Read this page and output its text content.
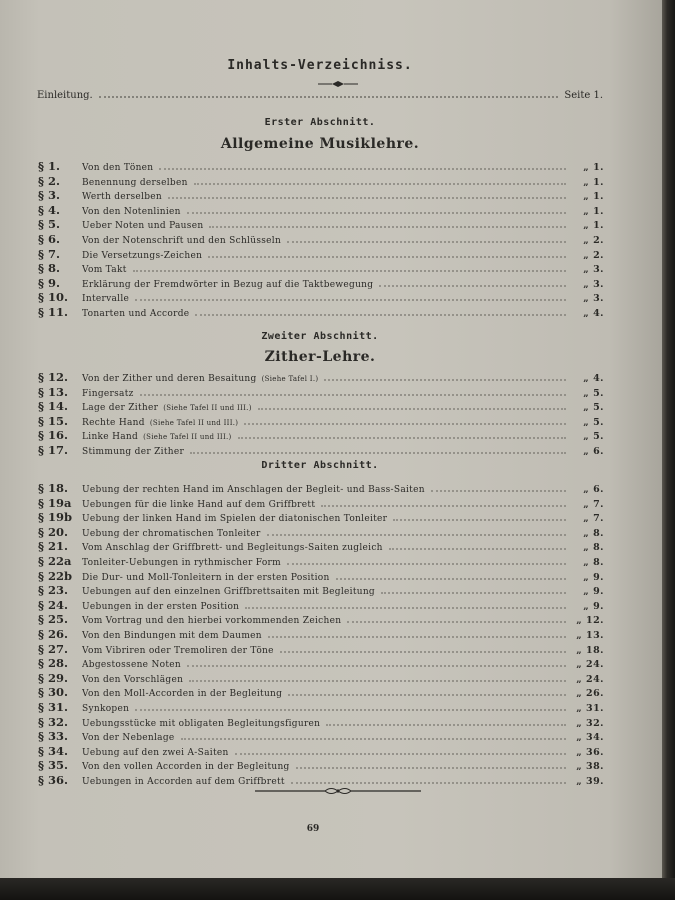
Inhalts-Verzeichniss.
Einleitung.	Seite 1.
Erster Abschnitt.
Allgemeine Musiklehre.
§ 1.	Von den Tönen	„ 1.
§ 2.	Benennung derselben	„ 1.
§ 3.	Werth derselben	„ 1.
§ 4.	Von den Notenlinien	„ 1.
§ 5.	Ueber Noten und Pausen	„ 1.
§ 6.	Von der Notenschrift und den Schlüsseln	„ 2.
§ 7.	Die Versetzungs-Zeichen	„ 2.
§ 8.	Vom Takt	„ 3.
§ 9.	Erklärung der Fremdwörter in Bezug auf die Taktbewegung	„ 3.
§ 10.	Intervalle	„ 3.
§ 11.	Tonarten und Accorde	„ 4.
Zweiter Abschnitt.
Zither-Lehre.
§ 12.	Von der Zither und deren Besaitung (Siehe Tafel I.)	„ 4.
§ 13.	Fingersatz	„ 5.
§ 14.	Lage der Zither (Siehe Tafel II und III.)	„ 5.
§ 15.	Rechte Hand (Siehe Tafel II und III.)	„ 5.
§ 16.	Linke Hand (Siehe Tafel II und III.)	„ 5.
§ 17.	Stimmung der Zither	„ 6.
Dritter Abschnitt.
§ 18.	Uebung der rechten Hand im Anschlagen der Begleit- und Bass-Saiten	„ 6.
§ 19a	Uebungen für die linke Hand auf dem Griffbrett	„ 7.
§ 19b	Uebung der linken Hand im Spielen der diatonischen Tonleiter	„ 7.
§ 20.	Uebung der chromatischen Tonleiter	„ 8.
§ 21.	Vom Anschlag der Griffbrett- und Begleitungs-Saiten zugleich	„ 8.
§ 22a	Tonleiter-Uebungen in rythmischer Form	„ 8.
§ 22b	Die Dur- und Moll-Tonleitern in der ersten Position	„ 9.
§ 23.	Uebungen auf den einzelnen Griffbrettsaiten mit Begleitung	„ 9.
§ 24.	Uebungen in der ersten Position	„ 9.
§ 25.	Vom Vortrag und den hierbei vorkommenden Zeichen	„ 12.
§ 26.	Von den Bindungen mit dem Daumen	„ 13.
§ 27.	Vom Vibriren oder Tremoliren der Töne	„ 18.
§ 28.	Abgestossene Noten	„ 24.
§ 29.	Von den Vorschlägen	„ 24.
§ 30.	Von den Moll-Accorden in der Begleitung	„ 26.
§ 31.	Synkopen	„ 31.
§ 32.	Uebungsstücke mit obligaten Begleitungsfiguren	„ 32.
§ 33.	Von der Nebenlage	„ 34.
§ 34.	Uebung auf den zwei A-Saiten	„ 36.
§ 35.	Von den vollen Accorden in der Begleitung	„ 38.
§ 36.	Uebungen in Accorden auf dem Griffbrett	„ 39.
69
